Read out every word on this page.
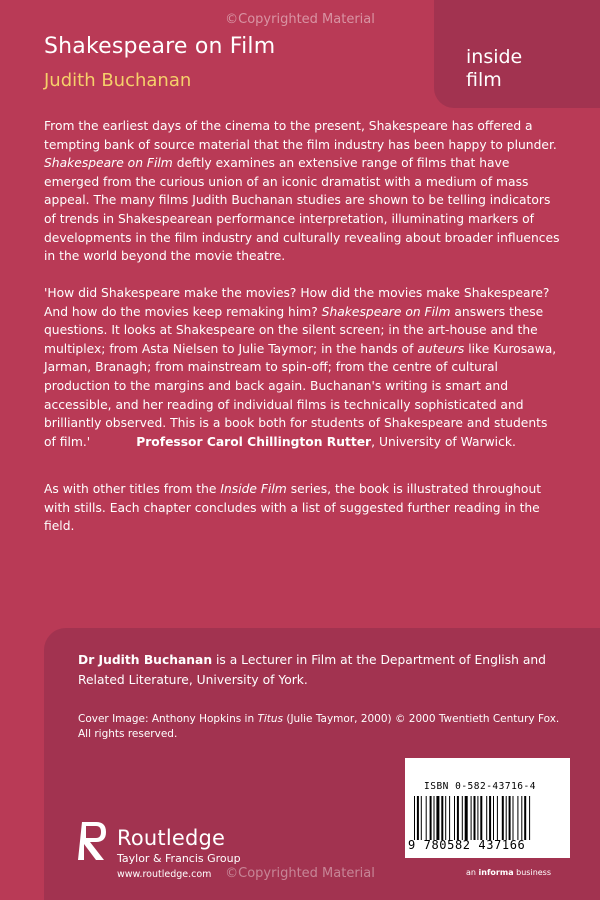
©Copyrighted Material
inside
film
Shakespeare on Film
Judith Buchanan

From the earliest days of the cinema to the present, Shakespeare has offered a tempting bank of source material that the film industry has been happy to plunder. Shakespeare on Film deftly examines an extensive range of films that have emerged from the curious union of an iconic dramatist with a medium of mass appeal. The many films Judith Buchanan studies are shown to be telling indicators of trends in Shakespearean performance interpretation, illuminating markers of developments in the film industry and culturally revealing about broader influences in the world beyond the movie theatre.

'How did Shakespeare make the movies? How did the movies make Shakespeare? And how do the movies keep remaking him? Shakespeare on Film answers these questions. It looks at Shakespeare on the silent screen; in the art-house and the multiplex; from Asta Nielsen to Julie Taymor; in the hands of auteurs like Kurosawa, Jarman, Branagh; from mainstream to spin-off; from the centre of cultural production to the margins and back again. Buchanan's writing is smart and accessible, and her reading of individual films is technically sophisticated and brilliantly observed. This is a book both for students of Shakespeare and students of film.'	Professor Carol Chillington Rutter, University of Warwick.

As with other titles from the Inside Film series, the book is illustrated throughout with stills. Each chapter concludes with a list of suggested further reading in the field.

Dr Judith Buchanan is a Lecturer in Film at the Department of English and Related Literature, University of York.
Cover Image: Anthony Hopkins in Titus (Julie Taymor, 2000) © 2000 Twentieth Century Fox.
All rights reserved.
ISBN 0-582-43716-4
9 780582 437166
Routledge
Taylor & Francis Group
www.routledge.com	an informa business
©Copyrighted Material
